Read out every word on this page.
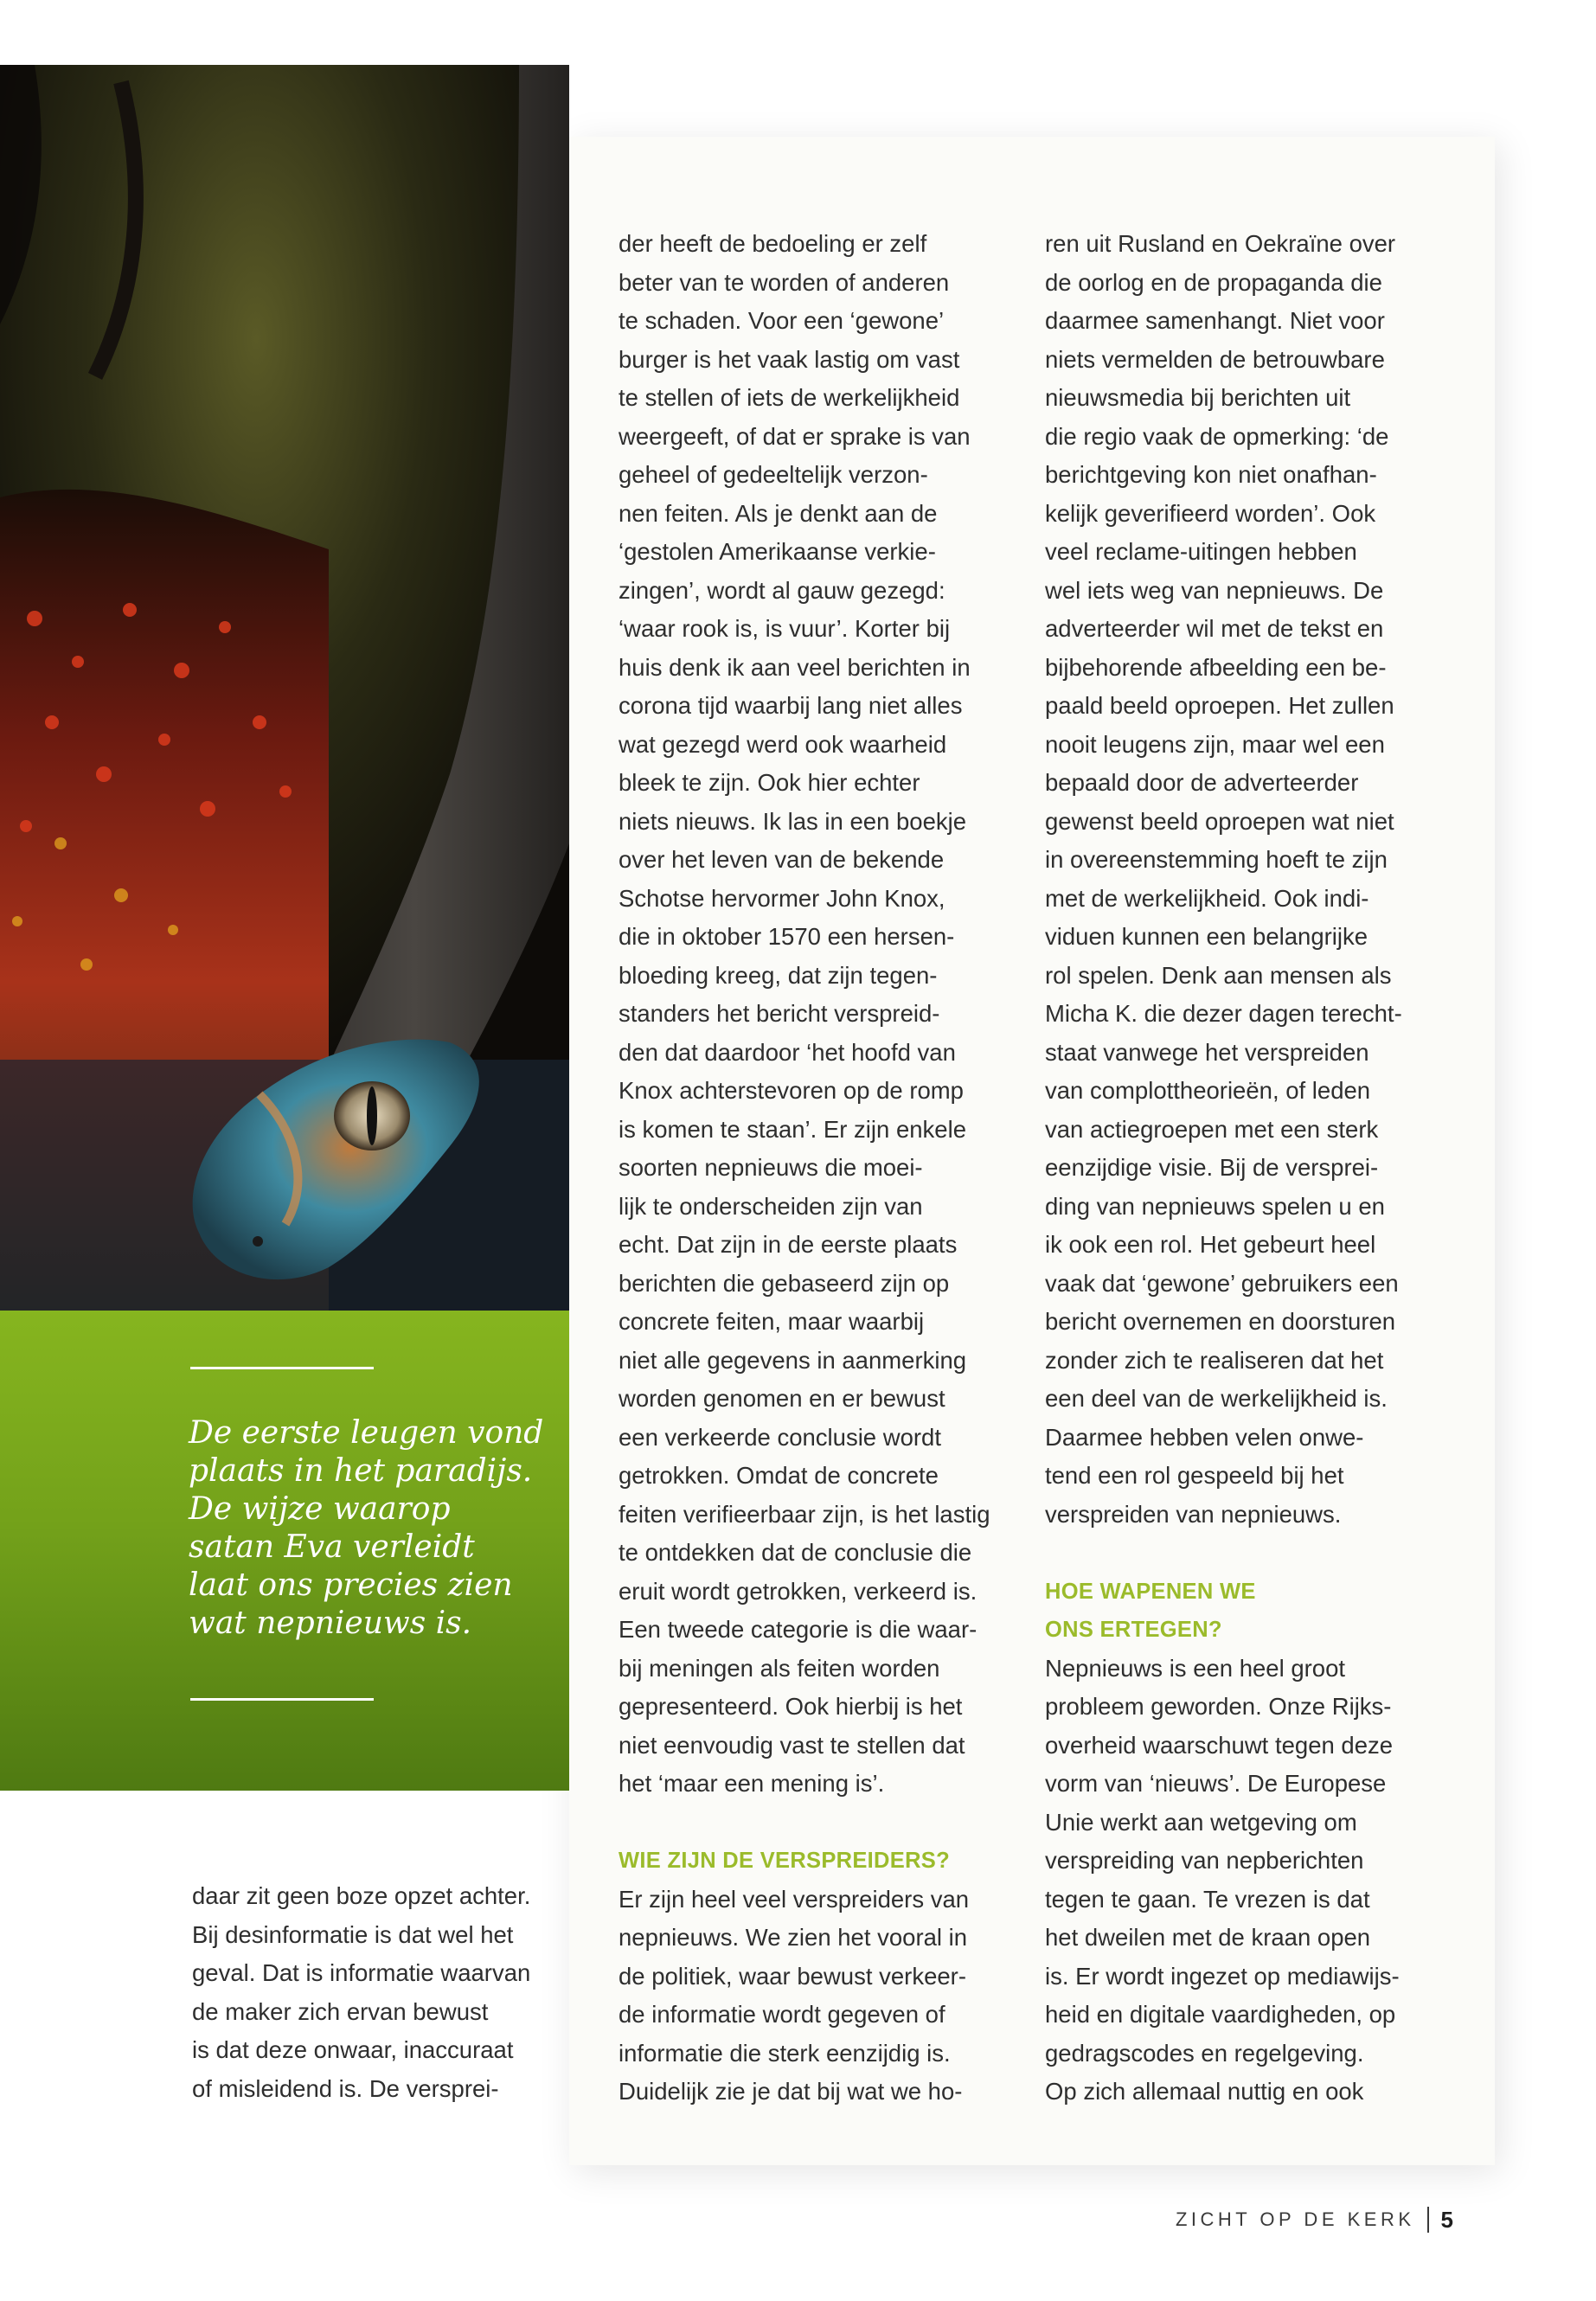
De eerste leugen vond
plaats in het paradijs.
De wijze waarop
satan Eva verleidt
laat ons precies zien
wat nepnieuws is.

daar zit geen boze opzet achter.
Bij desinformatie is dat wel het
geval. Dat is informatie waarvan
de maker zich ervan bewust
is dat deze onwaar, inaccuraat
of misleidend is. De versprei-

der heeft de bedoeling er zelf
beter van te worden of anderen
te schaden. Voor een ‘gewone’
burger is het vaak lastig om vast
te stellen of iets de werkelijkheid
weergeeft, of dat er sprake is van
geheel of gedeeltelijk verzon-
nen feiten. Als je denkt aan de
‘gestolen Amerikaanse verkie-
zingen’, wordt al gauw gezegd:
‘waar rook is, is vuur’. Korter bij
huis denk ik aan veel berichten in
corona tijd waarbij lang niet alles
wat gezegd werd ook waarheid
bleek te zijn. Ook hier echter
niets nieuws. Ik las in een boekje
over het leven van de bekende
Schotse hervormer John Knox,
die in oktober 1570 een hersen-
bloeding kreeg, dat zijn tegen-
standers het bericht verspreid-
den dat daardoor ‘het hoofd van
Knox achterstevoren op de romp
is komen te staan’. Er zijn enkele
soorten nepnieuws die moei-
lijk te onderscheiden zijn van
echt. Dat zijn in de eerste plaats
berichten die gebaseerd zijn op
concrete feiten, maar waarbij
niet alle gegevens in aanmerking
worden genomen en er bewust
een verkeerde conclusie wordt
getrokken. Omdat de concrete
feiten verifieerbaar zijn, is het lastig
te ontdekken dat de conclusie die
eruit wordt getrokken, verkeerd is.
Een tweede categorie is die waar-
bij meningen als feiten worden
gepresenteerd. Ook hierbij is het
niet eenvoudig vast te stellen dat
het ‘maar een mening is’.

WIE ZIJN DE VERSPREIDERS?

Er zijn heel veel verspreiders van
nepnieuws. We zien het vooral in
de politiek, waar bewust verkeer-
de informatie wordt gegeven of
informatie die sterk eenzijdig is.
Duidelijk zie je dat bij wat we ho-

ren uit Rusland en Oekraïne over
de oorlog en de propaganda die
daarmee samenhangt. Niet voor
niets vermelden de betrouwbare
nieuwsmedia bij berichten uit
die regio vaak de opmerking: ‘de
berichtgeving kon niet onafhan-
kelijk geverifieerd worden’. Ook
veel reclame-uitingen hebben
wel iets weg van nepnieuws. De
adverteerder wil met de tekst en
bijbehorende afbeelding een be-
paald beeld oproepen. Het zullen
nooit leugens zijn, maar wel een
bepaald door de adverteerder
gewenst beeld oproepen wat niet
in overeenstemming hoeft te zijn
met de werkelijkheid. Ook indi-
viduen kunnen een belangrijke
rol spelen. Denk aan mensen als
Micha K. die dezer dagen terecht-
staat vanwege het verspreiden
van complottheorieën, of leden
van actiegroepen met een sterk
eenzijdige visie. Bij de versprei-
ding van nepnieuws spelen u en
ik ook een rol. Het gebeurt heel
vaak dat ‘gewone’ gebruikers een
bericht overnemen en doorsturen
zonder zich te realiseren dat het
een deel van de werkelijkheid is.
Daarmee hebben velen onwe-
tend een rol gespeeld bij het
verspreiden van nepnieuws.

HOE WAPENEN WE
ONS ERTEGEN?

Nepnieuws is een heel groot
probleem geworden. Onze Rijks-
overheid waarschuwt tegen deze
vorm van ‘nieuws’. De Europese
Unie werkt aan wetgeving om
verspreiding van nepberichten
tegen te gaan. Te vrezen is dat
het dweilen met de kraan open
is. Er wordt ingezet op mediawijs-
heid en digitale vaardigheden, op
gedragscodes en regelgeving.
Op zich allemaal nuttig en ook

ZICHT OP DE KERK 5
